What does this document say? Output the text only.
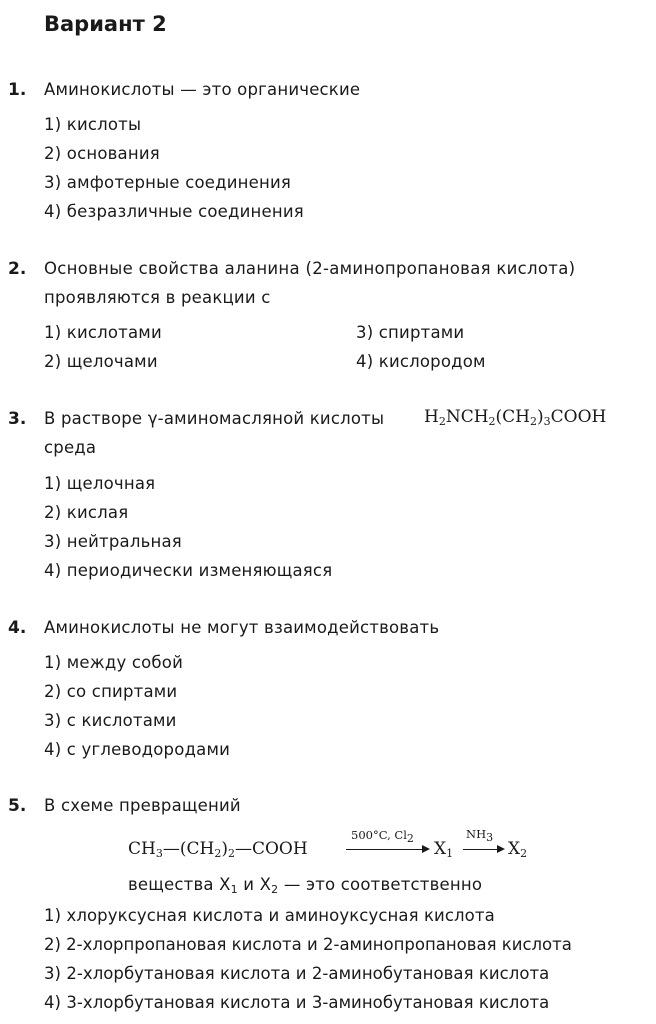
Вариант 2
1. Аминокислоты — это органические
1) кислоты
2) основания
3) амфотерные соединения
4) безразличные соединения
2. Основные свойства аланина (2-аминопропановая кислота)
проявляются в реакции с
1) кислотами
2) щелочами
3) спиртами
4) кислородом
3. В растворе γ-аминомасляной кислоты $H_2NCH_2(CH_2)_3COOH$
среда
1) щелочная
2) кислая
3) нейтральная
4) периодически изменяющаяся
4. Аминокислоты не могут взаимодействовать
1) между собой
2) со спиртами
3) с кислотами
4) с углеводородами
5. В схеме превращений
$CH_3—(CH_2)_2—COOH$
500°C, $Cl_2$
$X_1$
$NH_3$
→ $X_2$
вещества $X_1$ и $X_2$ — это соответственно
1) хлоруксусная кислота и аминоуксусная кислота
2) 2-хлорпропановая кислота и 2-аминопропановая кислота
3) 2-хлорбутановая кислота и 2-аминобутановая кислота
4) 3-хлорбутановая кислота и 3-аминобутановая кислота
